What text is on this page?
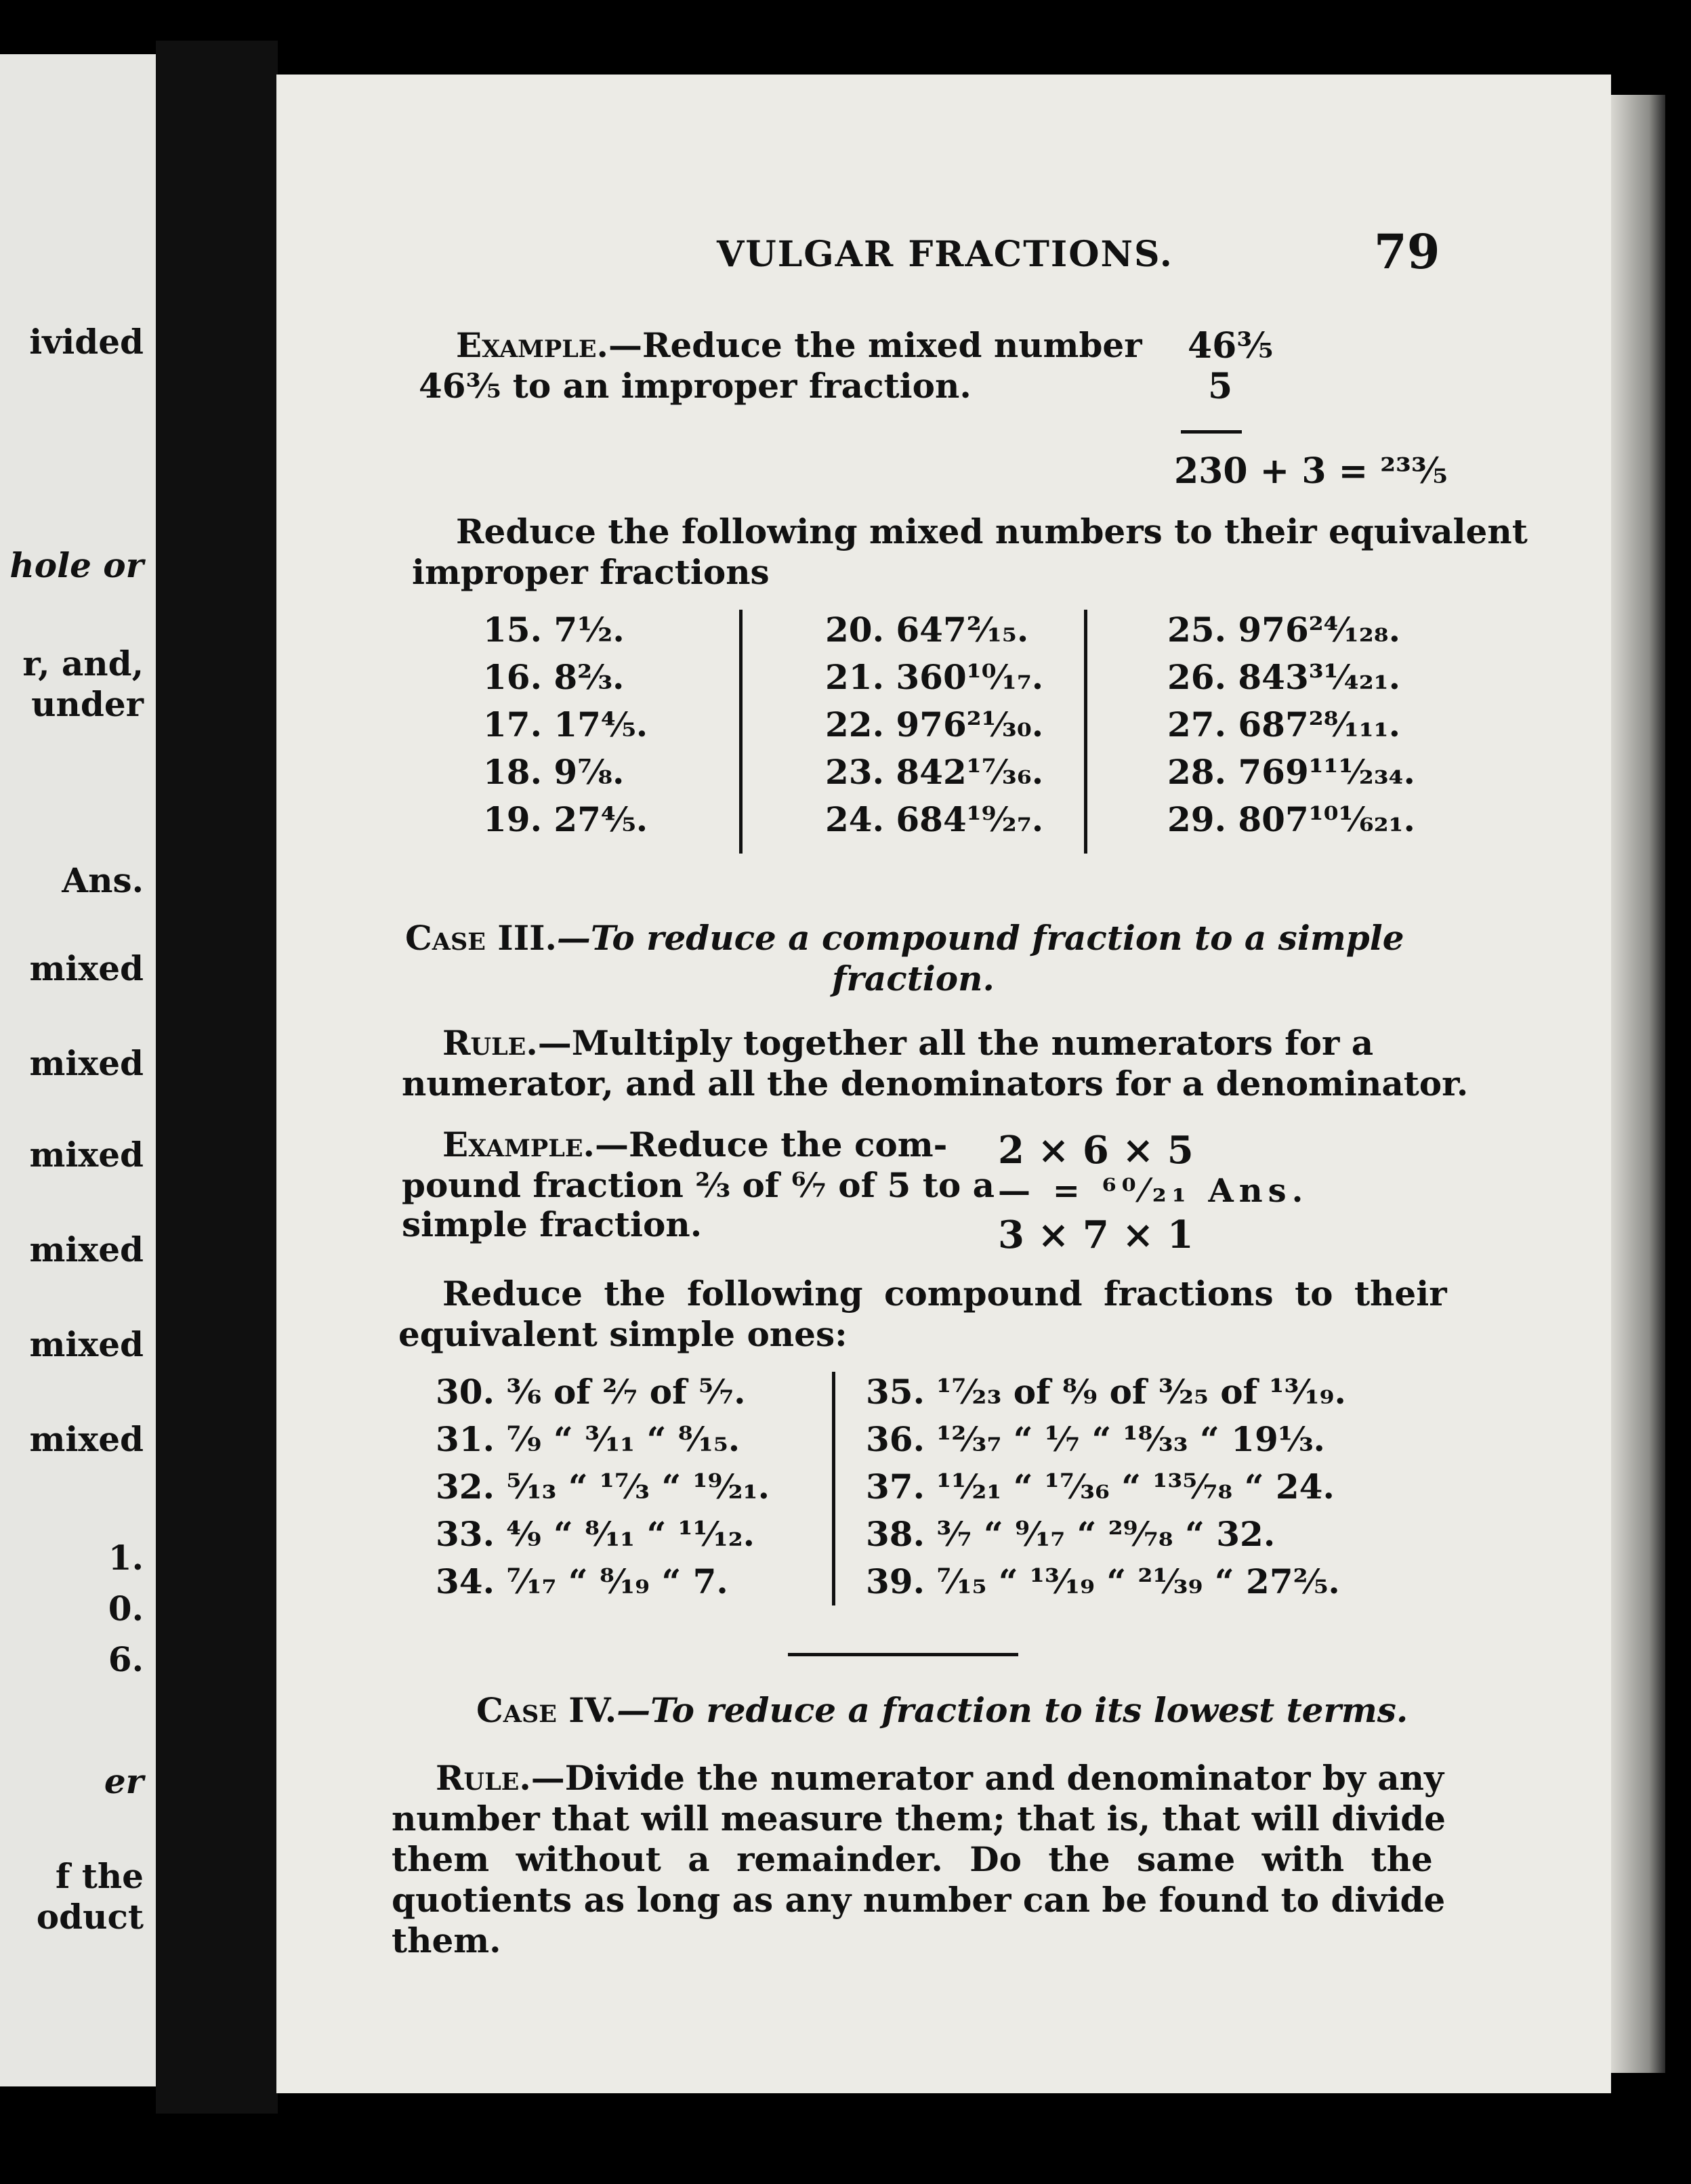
ivided
hole or
r, and,
under
Ans.
mixed
mixed
mixed
mixed
mixed
mixed
1.
0.
6.
er
f the
oduct
VULGAR FRACTIONS.	79
Example.—Reduce the mixed number
46⅗ to an improper fraction.
46⅗
5
230 + 3 = ²³³⁄₅
Reduce the following mixed numbers to their equivalent
improper fractions
15. 7½.
16. 8⅔.
17. 17⅘.
18. 9⅞.
19. 27⅘.
20. 647²⁄₁₅.
21. 360¹⁰⁄₁₇.
22. 976²¹⁄₃₀.
23. 842¹⁷⁄₃₆.
24. 684¹⁹⁄₂₇.
25. 976²⁴⁄₁₂₈.
26. 843³¹⁄₄₂₁.
27. 687²⁸⁄₁₁₁.
28. 769¹¹¹⁄₂₃₄.
29. 807¹⁰¹⁄₆₂₁.
Case III.—To reduce a compound fraction to a simple
fraction.
Rule.—Multiply together all the numerators for a
numerator, and all the denominators for a denominator.
Example.—Reduce the com-
pound fraction ⅔ of ⁶⁄₇ of 5 to a
simple fraction.
2 × 6 × 5
— = ⁶⁰⁄₂₁ Ans.
3 × 7 × 1
Reduce the following compound fractions to their
equivalent simple ones:
30. ³⁄₆ of ²⁄₇ of ⁵⁄₇.
31. ⁷⁄₉ “ ³⁄₁₁ “ ⁸⁄₁₅.
32. ⁵⁄₁₃ “ ¹⁷⁄₃ “ ¹⁹⁄₂₁.
33. ⁴⁄₉ “ ⁸⁄₁₁ “ ¹¹⁄₁₂.
34. ⁷⁄₁₇ “ ⁸⁄₁₉ “ 7.
35. ¹⁷⁄₂₃ of ⁸⁄₉ of ³⁄₂₅ of ¹³⁄₁₉.
36. ¹²⁄₃₇ “ ¹⁄₇ “ ¹⁸⁄₃₃ “ 19⅓.
37. ¹¹⁄₂₁ “ ¹⁷⁄₃₆ “ ¹³⁵⁄₇₈ “ 24.
38. ³⁄₇ “ ⁹⁄₁₇ “ ²⁹⁄₇₈ “ 32.
39. ⁷⁄₁₅ “ ¹³⁄₁₉ “ ²¹⁄₃₉ “ 27⅖.
Case IV.—To reduce a fraction to its lowest terms.
Rule.—Divide the numerator and denominator by any
number that will measure them; that is, that will divide
them without a remainder. Do the same with the
quotients as long as any number can be found to divide
them.
